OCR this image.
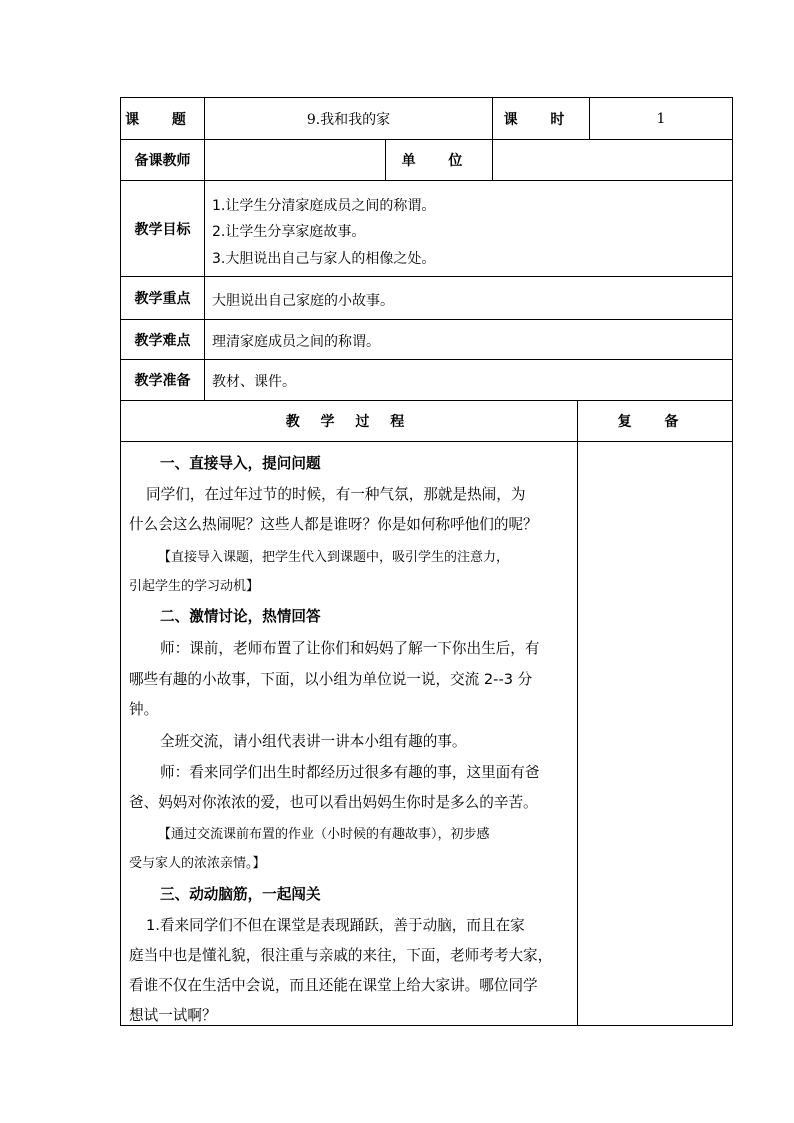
课 题	9.我和我的家	课 时	1
备课教师	单 位
教学目标
1.让学生分清家庭成员之间的称谓。
2.让学生分享家庭故事。
3.大胆说出自己与家人的相像之处。
教学重点 大胆说出自己家庭的小故事。
教学难点 理清家庭成员之间的称谓。
教学准备 教材、课件。
教 学 过 程	复 备
一、直接导入，提问问题
同学们，在过年过节的时候，有一种气氛，那就是热闹，为
什么会这么热闹呢？这些人都是谁呀？你是如何称呼他们的呢？
【直接导入课题，把学生代入到课题中，吸引学生的注意力，
引起学生的学习动机】
二、激情讨论，热情回答
师：课前，老师布置了让你们和妈妈了解一下你出生后，有
哪些有趣的小故事，下面，以小组为单位说一说，交流 2--3 分
钟。
全班交流，请小组代表讲一讲本小组有趣的事。
师：看来同学们出生时都经历过很多有趣的事，这里面有爸
爸、妈妈对你浓浓的爱，也可以看出妈妈生你时是多么的辛苦。
【通过交流课前布置的作业（小时候的有趣故事），初步感
受与家人的浓浓亲情。】
三、动动脑筋，一起闯关
1.看来同学们不但在课堂是表现踊跃，善于动脑，而且在家
庭当中也是懂礼貌，很注重与亲戚的来往，下面，老师考考大家，
看谁不仅在生活中会说，而且还能在课堂上给大家讲。哪位同学
想试一试啊？
